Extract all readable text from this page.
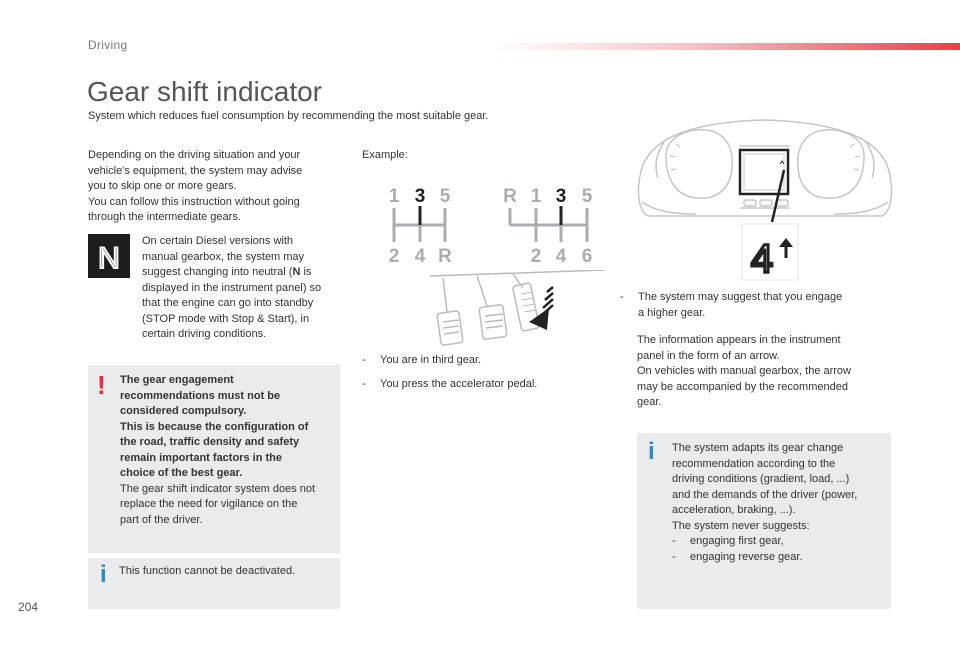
Driving
Gear shift indicator
System which reduces fuel consumption by recommending the most suitable gear.

Depending on the driving situation and your

vehicle's equipment, the system may advise

you to skip one or more gears.

You can follow this instruction without going

through the intermediate gears.

N

On certain Diesel versions with

manual gearbox, the system may

suggest changing into neutral (N is

displayed in the instrument panel) so

that the engine can go into standby

(STOP mode with Stop & Start), in

certain driving conditions.

! The gear engagement
recommendations must not be
considered compulsory.
This is because the configuration of
the road, traffic density and safety
remain important factors in the
choice of the best gear.
The gear shift indicator system does not
replace the need for vigilance on the
part of the driver.
i This function cannot be deactivated.
Example:
1 3 5
2 4 R
R 1 3 5
2 4 6
-	You are in third gear.
-	You press the accelerator pedal.
4
-	The system may suggest that you engage
a higher gear.

The information appears in the instrument

panel in the form of an arrow.

On vehicles with manual gearbox, the arrow

may be accompanied by the recommended

gear.

i The system adapts its gear change

recommendation according to the

driving conditions (gradient, load, ...)

and the demands of the driver (power,

acceleration, braking, ...).

The system never suggests:

-	engaging first gear,
-	engaging reverse gear.
204
